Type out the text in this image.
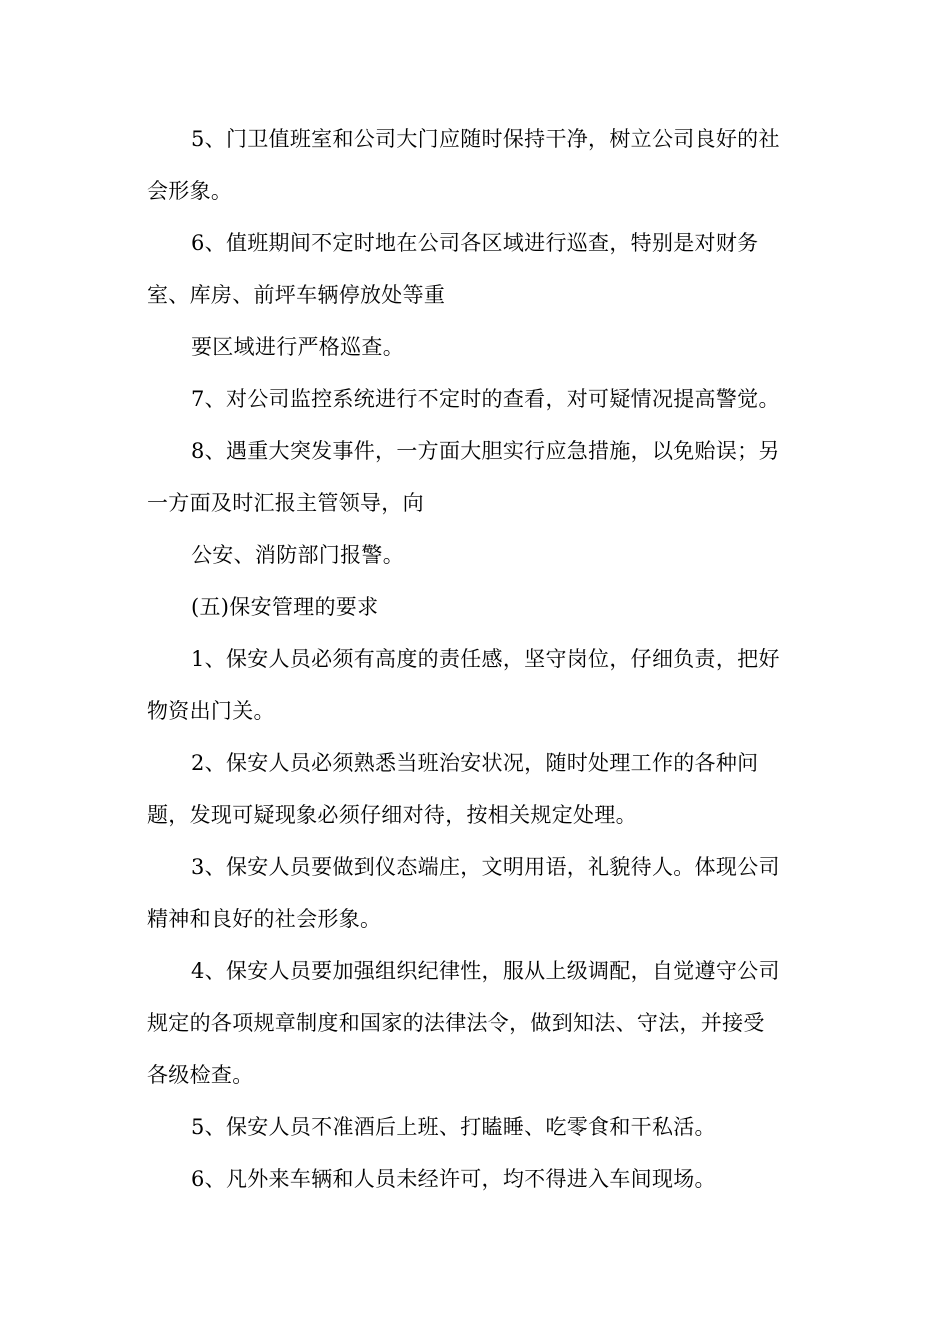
5、门卫值班室和公司大门应随时保持干净，树立公司良好的社

会形象。

6、值班期间不定时地在公司各区域进行巡查，特别是对财务

室、库房、前坪车辆停放处等重

要区域进行严格巡查。

7、对公司监控系统进行不定时的查看，对可疑情况提高警觉。

8、遇重大突发事件，一方面大胆实行应急措施，以免贻误；另

一方面及时汇报主管领导，向

公安、消防部门报警。

(五)保安管理的要求

1、保安人员必须有高度的责任感，坚守岗位，仔细负责，把好

物资出门关。

2、保安人员必须熟悉当班治安状况，随时处理工作的各种问

题，发现可疑现象必须仔细对待，按相关规定处理。

3、保安人员要做到仪态端庄，文明用语，礼貌待人。体现公司

精神和良好的社会形象。

4、保安人员要加强组织纪律性，服从上级调配，自觉遵守公司

规定的各项规章制度和国家的法律法令，做到知法、守法，并接受

各级检查。

5、保安人员不准酒后上班、打瞌睡、吃零食和干私活。

6、凡外来车辆和人员未经许可，均不得进入车间现场。
